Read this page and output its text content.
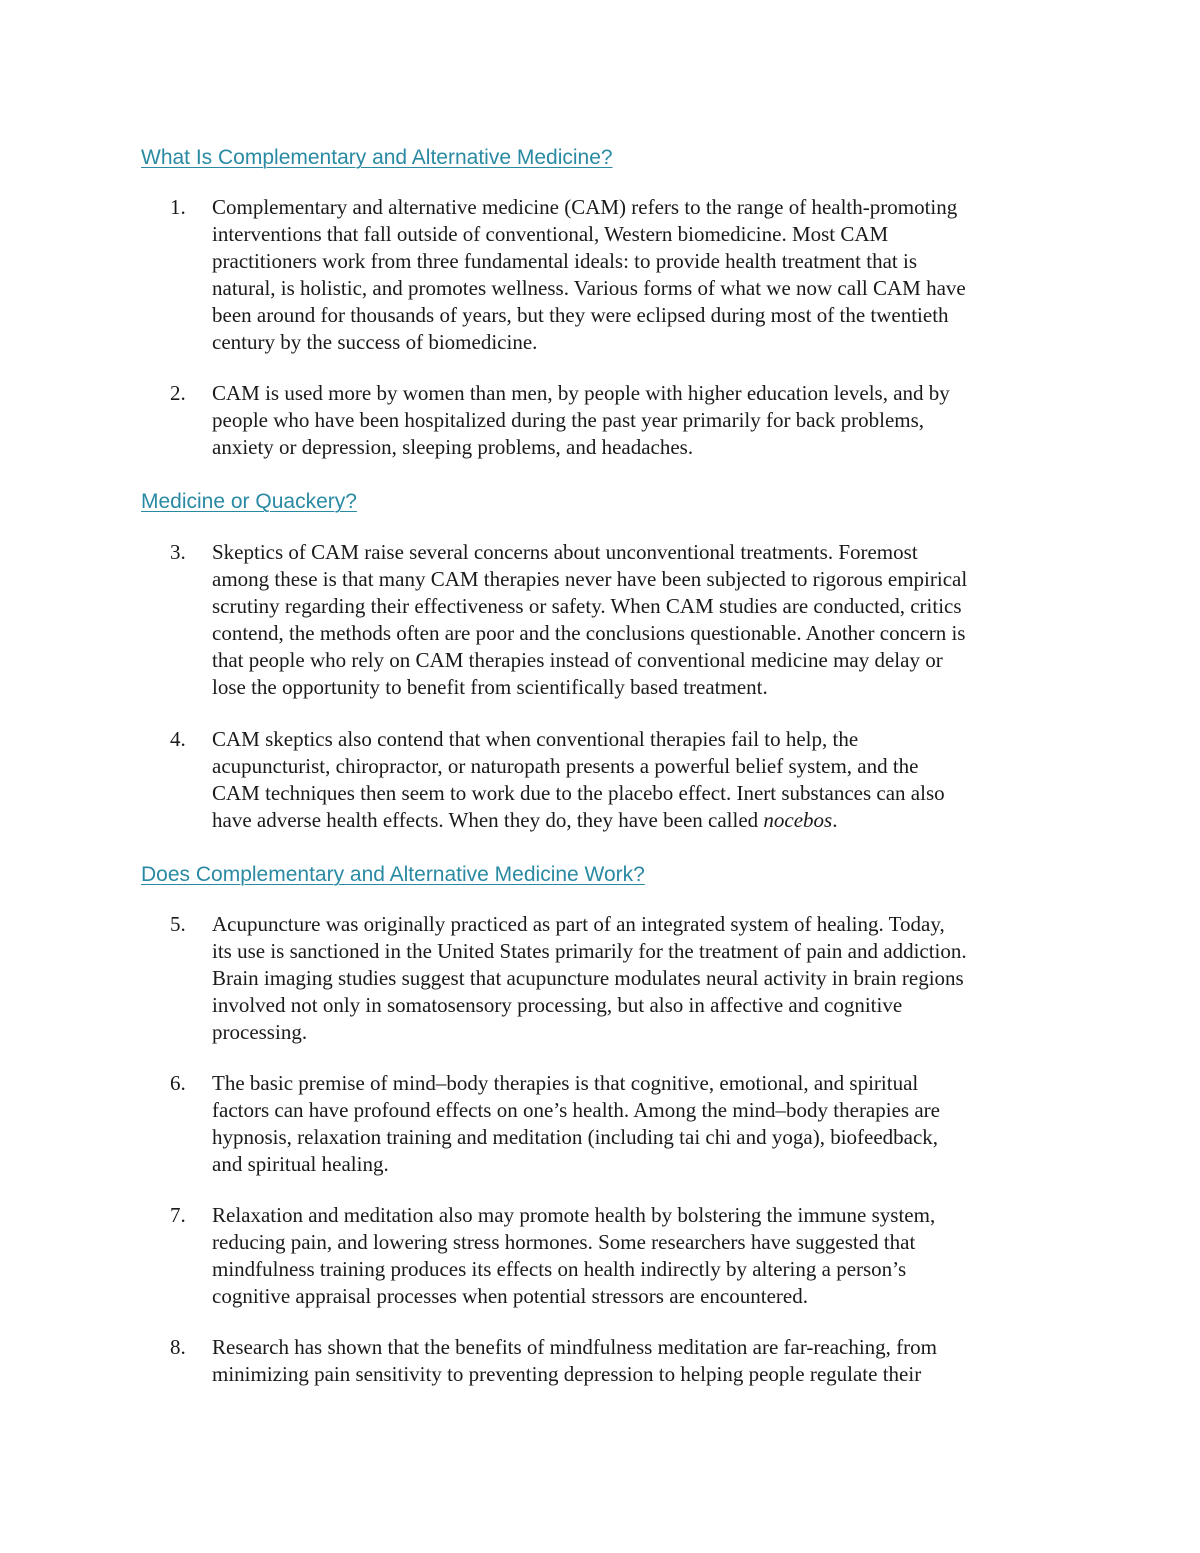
What Is Complementary and Alternative Medicine?
1.	Complementary and alternative medicine (CAM) refers to the range of health-promoting
interventions that fall outside of conventional, Western biomedicine. Most CAM
practitioners work from three fundamental ideals: to provide health treatment that is
natural, is holistic, and promotes wellness. Various forms of what we now call CAM have
been around for thousands of years, but they were eclipsed during most of the twentieth
century by the success of biomedicine.
2.	CAM is used more by women than men, by people with higher education levels, and by
people who have been hospitalized during the past year primarily for back problems,
anxiety or depression, sleeping problems, and headaches.
Medicine or Quackery?
3.	Skeptics of CAM raise several concerns about unconventional treatments. Foremost
among these is that many CAM therapies never have been subjected to rigorous empirical
scrutiny regarding their effectiveness or safety. When CAM studies are conducted, critics
contend, the methods often are poor and the conclusions questionable. Another concern is
that people who rely on CAM therapies instead of conventional medicine may delay or
lose the opportunity to benefit from scientifically based treatment.
4.	CAM skeptics also contend that when conventional therapies fail to help, the
acupuncturist, chiropractor, or naturopath presents a powerful belief system, and the
CAM techniques then seem to work due to the placebo effect. Inert substances can also
have adverse health effects. When they do, they have been called nocebos.
Does Complementary and Alternative Medicine Work?
5.	Acupuncture was originally practiced as part of an integrated system of healing. Today,
its use is sanctioned in the United States primarily for the treatment of pain and addiction.
Brain imaging studies suggest that acupuncture modulates neural activity in brain regions
involved not only in somatosensory processing, but also in affective and cognitive
processing.
6.	The basic premise of mind–body therapies is that cognitive, emotional, and spiritual
factors can have profound effects on one’s health. Among the mind–body therapies are
hypnosis, relaxation training and meditation (including tai chi and yoga), biofeedback,
and spiritual healing.
7.	Relaxation and meditation also may promote health by bolstering the immune system,
reducing pain, and lowering stress hormones. Some researchers have suggested that
mindfulness training produces its effects on health indirectly by altering a person’s
cognitive appraisal processes when potential stressors are encountered.
8.	Research has shown that the benefits of mindfulness meditation are far-reaching, from
minimizing pain sensitivity to preventing depression to helping people regulate their
